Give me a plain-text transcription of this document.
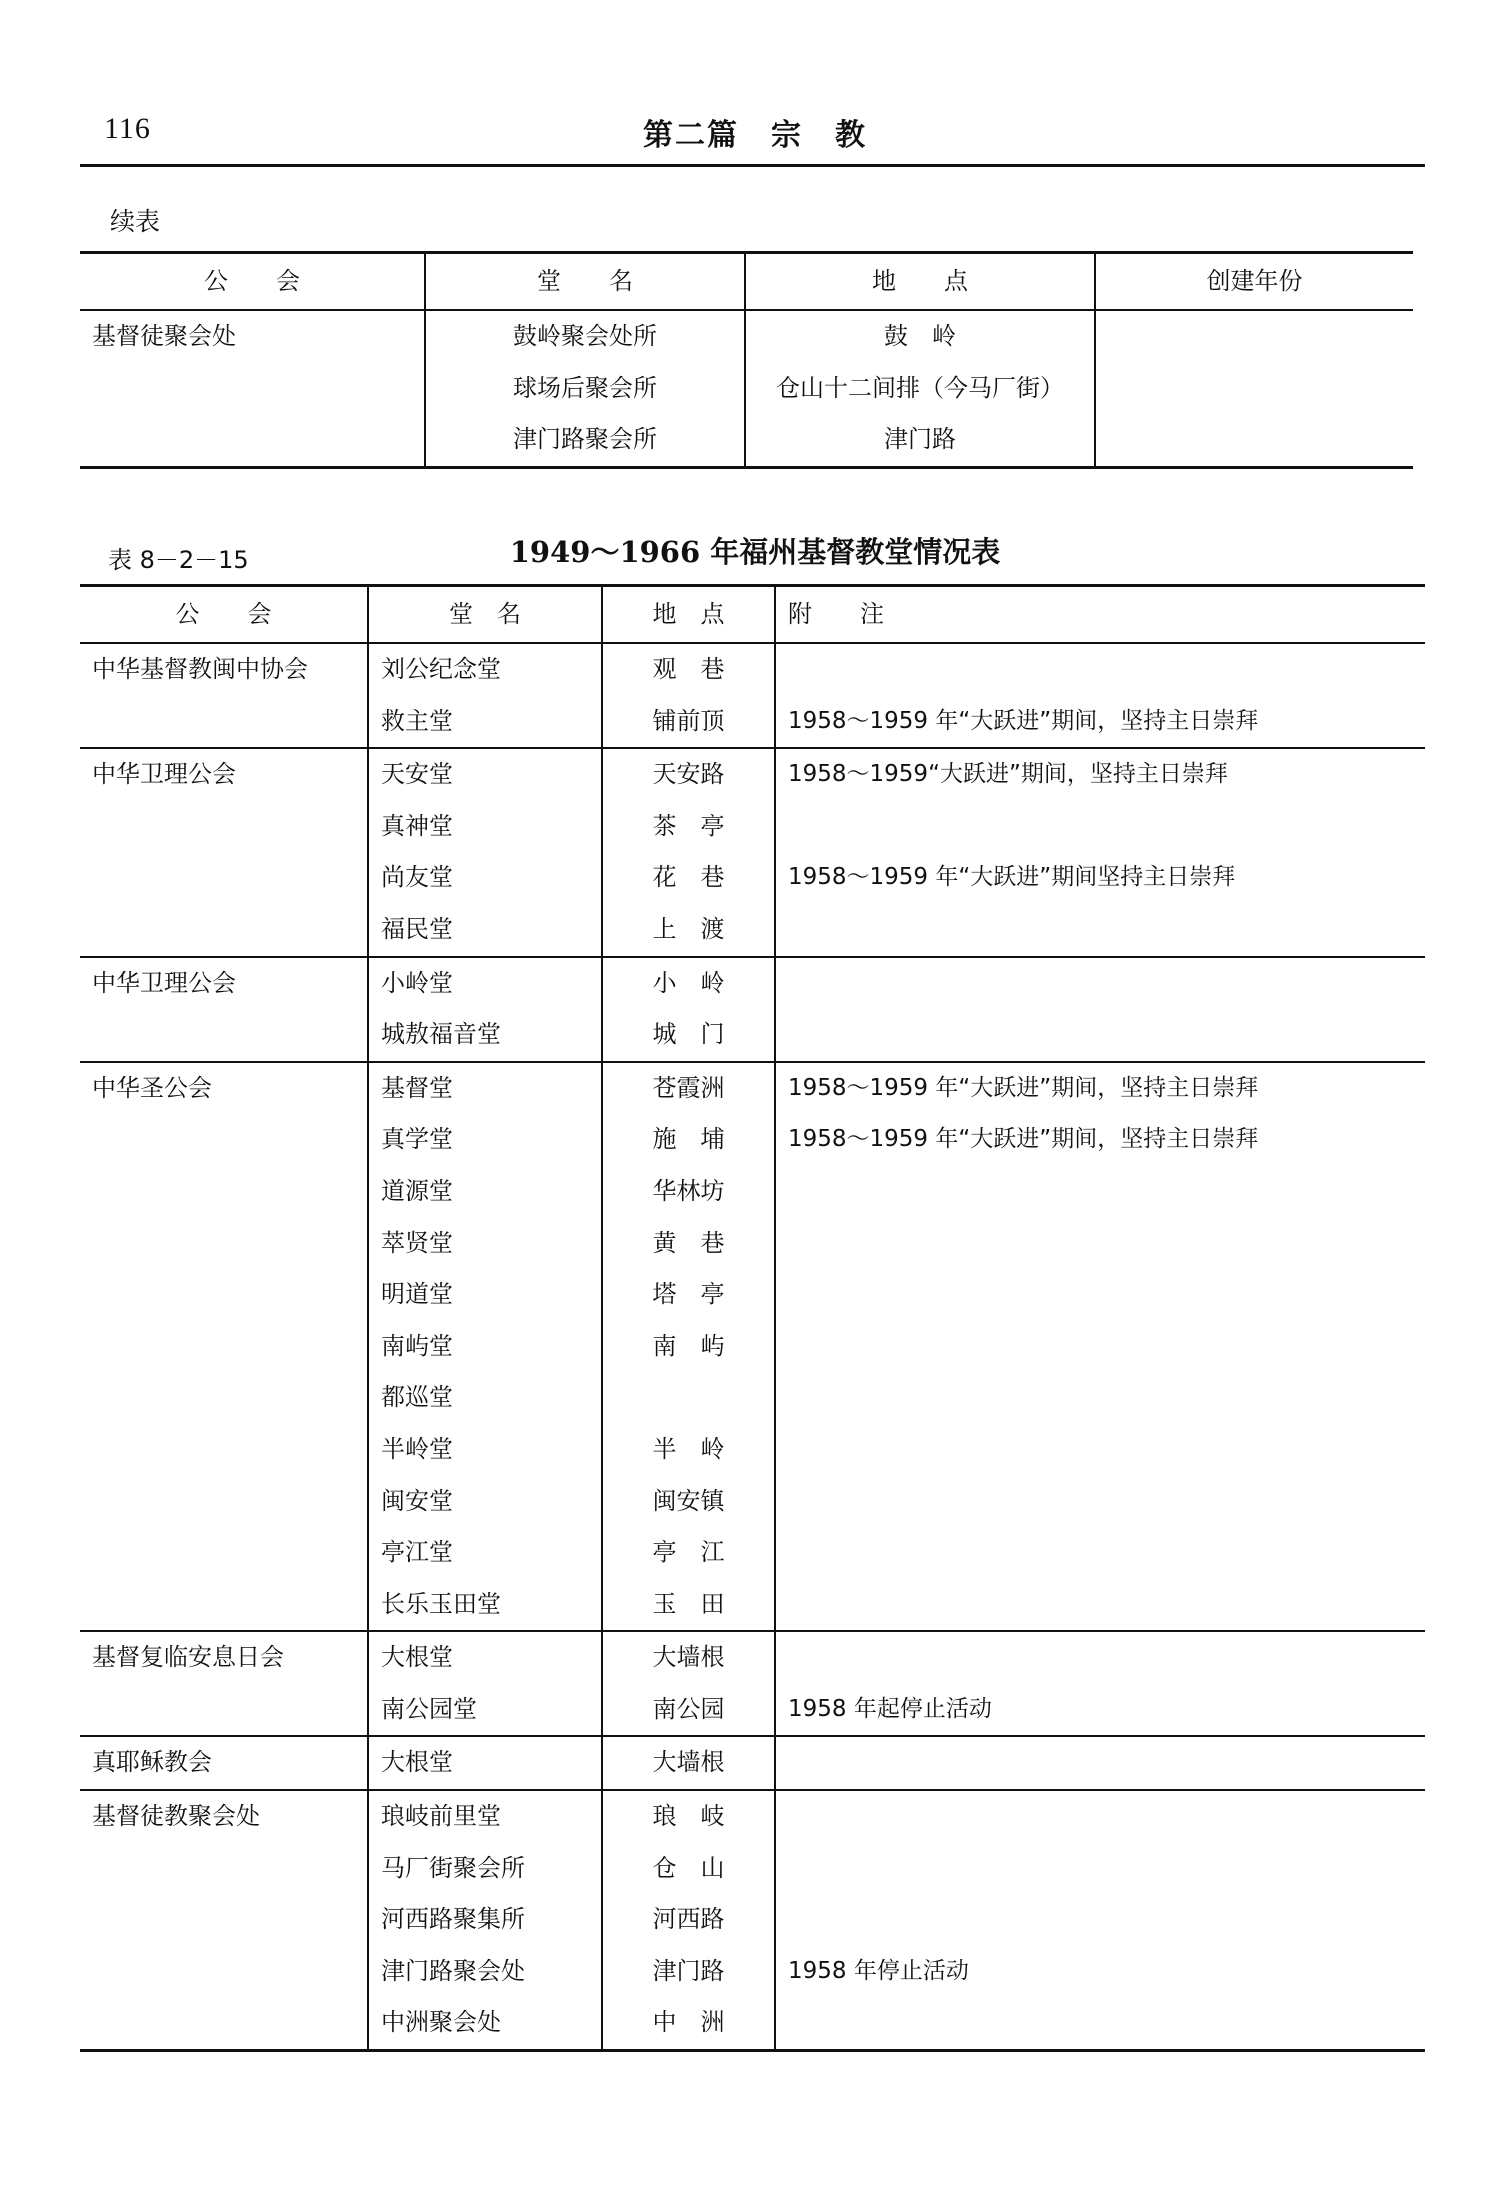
116	第二篇　宗　教
续表
公　　会	堂　　名	地　　点	创建年份
基督徒聚会处	鼓岭聚会处所	鼓　岭	
	球场后聚会所	仓山十二间排（今马厂街）	
	津门路聚会所	津门路	
表 8－2－15	1949～1966 年福州基督教堂情况表
公　　会	堂　名	地　点	附　　注
中华基督教闽中协会	刘公纪念堂	观　巷	
	救主堂	铺前顶	1958～1959 年“大跃进”期间，坚持主日崇拜
中华卫理公会	天安堂	天安路	1958～1959“大跃进”期间，坚持主日崇拜
	真神堂	茶　亭	
	尚友堂	花　巷	1958～1959 年“大跃进”期间坚持主日崇拜
	福民堂	上　渡	
中华卫理公会	小岭堂	小　岭	
	城敖福音堂	城　门	
中华圣公会	基督堂	苍霞洲	1958～1959 年“大跃进”期间，坚持主日崇拜
	真学堂	施　埔	1958～1959 年“大跃进”期间，坚持主日崇拜
	道源堂	华林坊	
	萃贤堂	黄　巷	
	明道堂	塔　亭	
	南屿堂	南　屿	
	都巡堂		
	半岭堂	半　岭	
	闽安堂	闽安镇	
	亭江堂	亭　江	
	长乐玉田堂	玉　田	
基督复临安息日会	大根堂	大墙根	
	南公园堂	南公园	1958 年起停止活动
真耶稣教会	大根堂	大墙根	
基督徒教聚会处	琅岐前里堂	琅　岐	
	马厂街聚会所	仓　山	
	河西路聚集所	河西路	
	津门路聚会处	津门路	1958 年停止活动
	中洲聚会处	中　洲	
